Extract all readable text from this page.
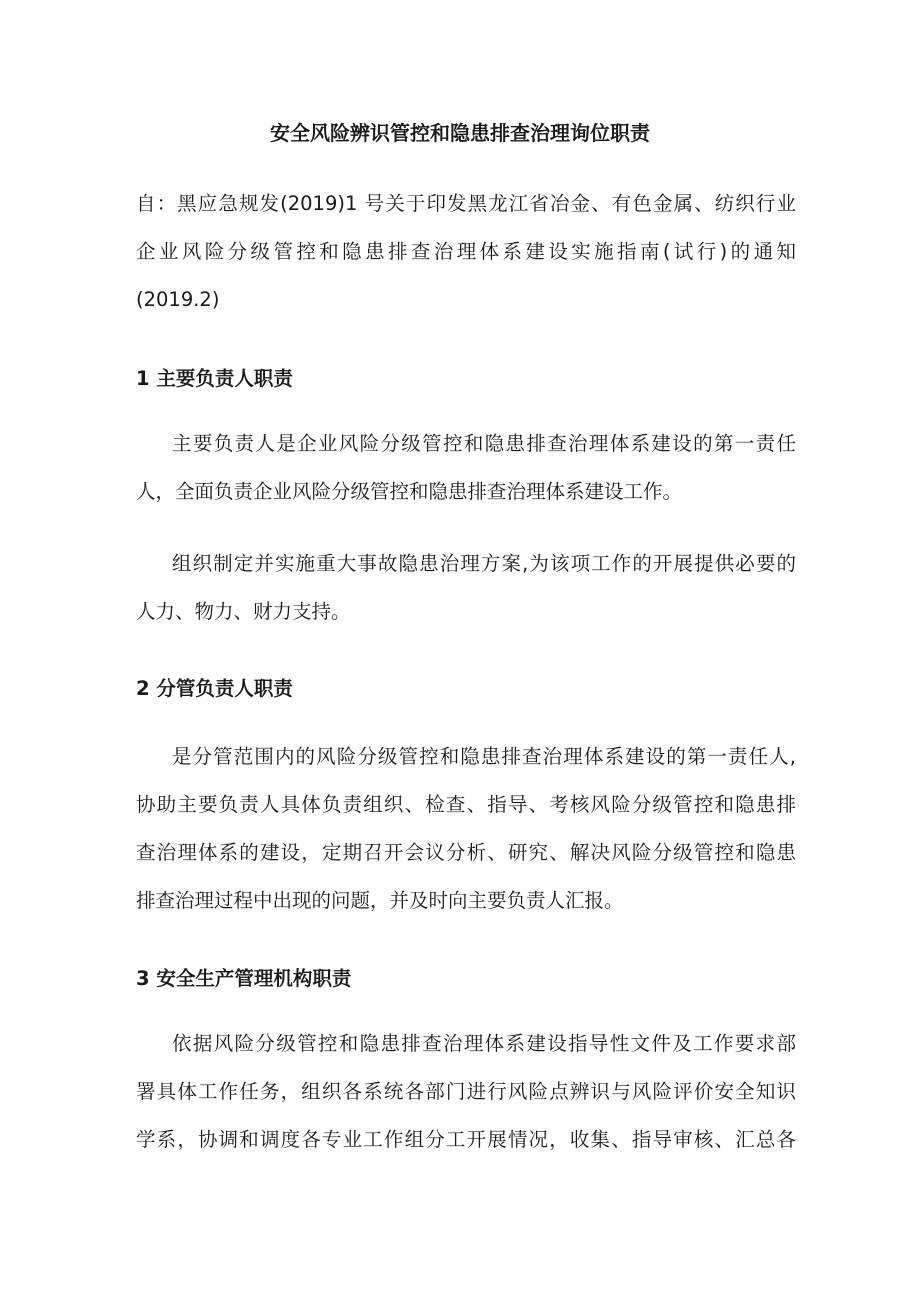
安全风险辨识管控和隐患排查治理询位职责
自：黑应急规发(2019)1 号关于印发黑龙江省冶金、有色金属、纺织行业
企业风险分级管控和隐患排查治理体系建设实施指南(试行)的通知
(2019.2)
1 主要负责人职责
主要负责人是企业风险分级管控和隐患排查治理体系建设的第一责任
人，全面负责企业风险分级管控和隐患排查治理体系建设工作。
组织制定并实施重大事故隐患治理方案,为该项工作的开展提供必要的
人力、物力、财力支持。
2 分管负责人职责
是分管范围内的风险分级管控和隐患排查治理体系建设的第一责任人,
协助主要负责人具体负责组织、检查、指导、考核风险分级管控和隐患排
查治理体系的建设，定期召开会议分析、研究、解决风险分级管控和隐患
排查治理过程中出现的问题，并及时向主要负责人汇报。
3 安全生产管理机构职责
依据风险分级管控和隐患排查治理体系建设指导性文件及工作要求部
署具体工作任务，组织各系统各部门进行风险点辨识与风险评价安全知识
学系，协调和调度各专业工作组分工开展情况，收集、指导审核、汇总各
